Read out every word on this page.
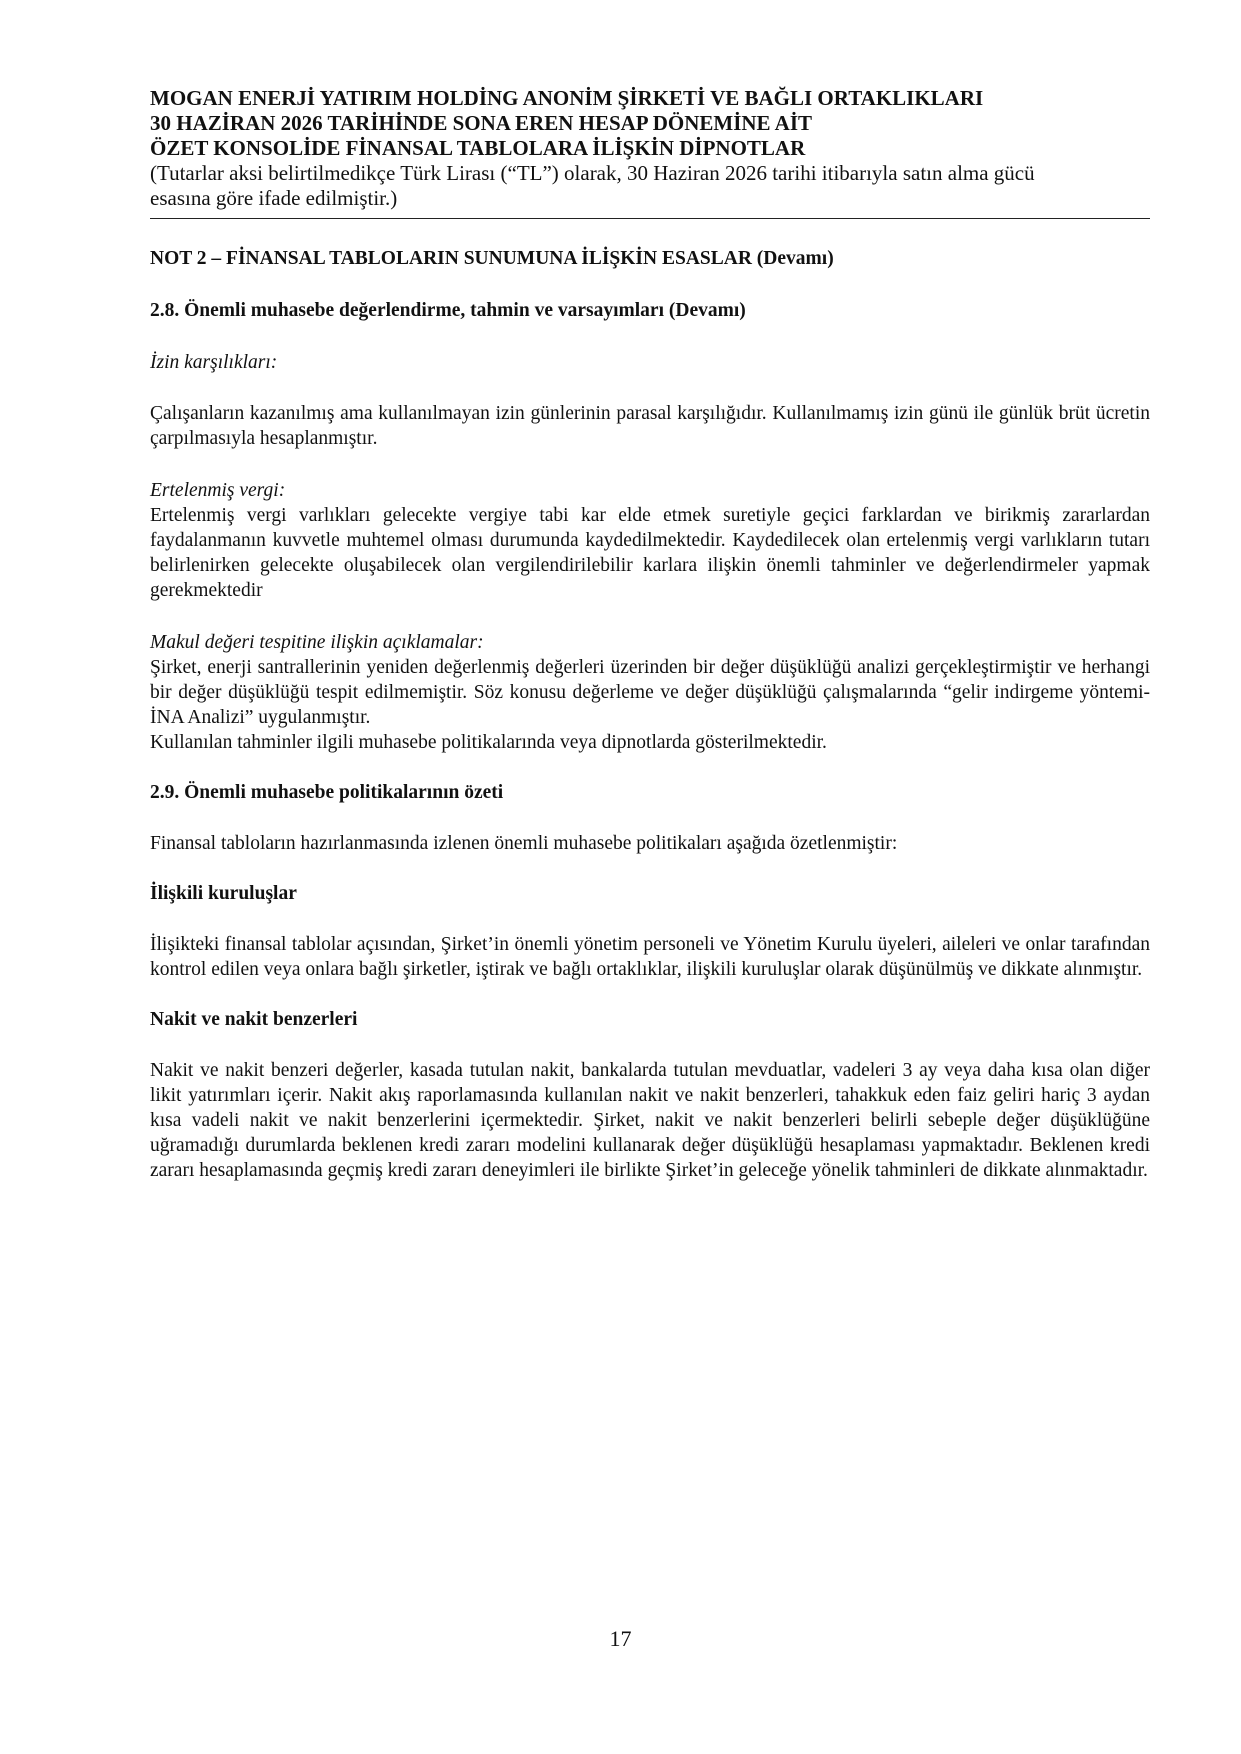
MOGAN ENERJİ YATIRIM HOLDİNG ANONİM ŞİRKETİ VE BAĞLI ORTAKLIKLARI
30 HAZİRAN 2026 TARİHİNDE SONA EREN HESAP DÖNEMİNE AİT
ÖZET KONSOLİDE FİNANSAL TABLOLARA İLİŞKİN DİPNOTLAR
(Tutarlar aksi belirtilmedikçe Türk Lirası (“TL”) olarak, 30 Haziran 2026 tarihi itibarıyla satın alma gücü
esasına göre ifade edilmiştir.)
NOT 2 – FİNANSAL TABLOLARIN SUNUMUNA İLİŞKİN ESASLAR (Devamı)
2.8. Önemli muhasebe değerlendirme, tahmin ve varsayımları (Devamı)
İzin karşılıkları:

Çalışanların kazanılmış ama kullanılmayan izin günlerinin parasal karşılığıdır. Kullanılmamış izin günü ile günlük brüt ücretin çarpılmasıyla hesaplanmıştır.

Ertelenmiş vergi:

Ertelenmiş vergi varlıkları gelecekte vergiye tabi kar elde etmek suretiyle geçici farklardan ve birikmiş zararlardan faydalanmanın kuvvetle muhtemel olması durumunda kaydedilmektedir. Kaydedilecek olan ertelenmiş vergi varlıkların tutarı belirlenirken gelecekte oluşabilecek olan vergilendirilebilir karlara ilişkin önemli tahminler ve değerlendirmeler yapmak gerekmektedir

Makul değeri tespitine ilişkin açıklamalar:

Şirket, enerji santrallerinin yeniden değerlenmiş değerleri üzerinden bir değer düşüklüğü analizi gerçekleştirmiştir ve herhangi bir değer düşüklüğü tespit edilmemiştir. Söz konusu değerleme ve değer düşüklüğü çalışmalarında “gelir indirgeme yöntemi- İNA Analizi” uygulanmıştır.

Kullanılan tahminler ilgili muhasebe politikalarında veya dipnotlarda gösterilmektedir.

2.9. Önemli muhasebe politikalarının özeti

Finansal tabloların hazırlanmasında izlenen önemli muhasebe politikaları aşağıda özetlenmiştir:

İlişkili kuruluşlar

İlişikteki finansal tablolar açısından, Şirket’in önemli yönetim personeli ve Yönetim Kurulu üyeleri, aileleri ve onlar tarafından kontrol edilen veya onlara bağlı şirketler, iştirak ve bağlı ortaklıklar, ilişkili kuruluşlar olarak düşünülmüş ve dikkate alınmıştır.

Nakit ve nakit benzerleri

Nakit ve nakit benzeri değerler, kasada tutulan nakit, bankalarda tutulan mevduatlar, vadeleri 3 ay veya daha kısa olan diğer likit yatırımları içerir. Nakit akış raporlamasında kullanılan nakit ve nakit benzerleri, tahakkuk eden faiz geliri hariç 3 aydan kısa vadeli nakit ve nakit benzerlerini içermektedir. Şirket, nakit ve nakit benzerleri belirli sebeple değer düşüklüğüne uğramadığı durumlarda beklenen kredi zararı modelini kullanarak değer düşüklüğü hesaplaması yapmaktadır. Beklenen kredi zararı hesaplamasında geçmiş kredi zararı deneyimleri ile birlikte Şirket’in geleceğe yönelik tahminleri de dikkate alınmaktadır.

17
